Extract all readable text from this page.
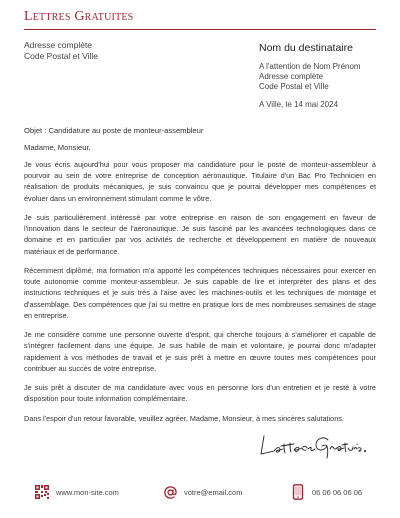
Lettres Gratuites
Adresse complète
Code Postal et Ville
Nom du destinataire
A l'attention de Nom Prénom
Adresse complète
Code Postal et Ville
A Ville, le 14 mai 2024
Objet : Candidature au poste de monteur-assembleur
Madame, Monsieur,

Je vous écris aujourd'hui pour vous proposer ma candidature pour le poste de monteur-assembleur à pourvoir au sein de votre entreprise de conception aéronautique. Titulaire d'un Bac Pro Technicien en réalisation de produits mécaniques, je suis convaincu que je pourrai développer mes compétences et évoluer dans un environnement stimulant comme le vôtre.

Je suis particulièrement intéressé par votre entreprise en raison de son engagement en faveur de l'innovation dans le secteur de l'aéronautique. Je suis fasciné par les avancées technologiques dans ce domaine et en particulier par vos activités de recherche et développement en matière de nouveaux matériaux et de performance.

Récemment diplômé, ma formation m'a apporté les compétences techniques nécessaires pour exercer en toute autonomie comme monteur-assembleur. Je suis capable de lire et interpréter des plans et des instructions techniques et je suis très à l'aise avec les machines-outils et les techniques de montage et d'assemblage. Des compétences que j'ai su mettre en pratique lors de mes nombreuses semaines de stage en entreprise.

Je me considère comme une personne ouverte d'esprit, qui cherche toujours à s'améliorer et capable de s'intégrer facilement dans une équipe. Je suis habile de main et volontaire, je pourrai donc m'adapter rapidement à vos méthodes de travail et je suis prêt à mettre en œuvre toutes mes compétences pour contribuer au succès de votre entreprise.

Je suis prêt à discuter de ma candidature avec vous en personne lors d'un entretien et je resté à votre disposition pour toute information complémentaire.

Dans l'espoir d'un retour favorable, veuillez agréer, Madame, Monsieur, à mes sincères salutations.

www.mon-site.com	votre@email.com	06 06 06 06 06
